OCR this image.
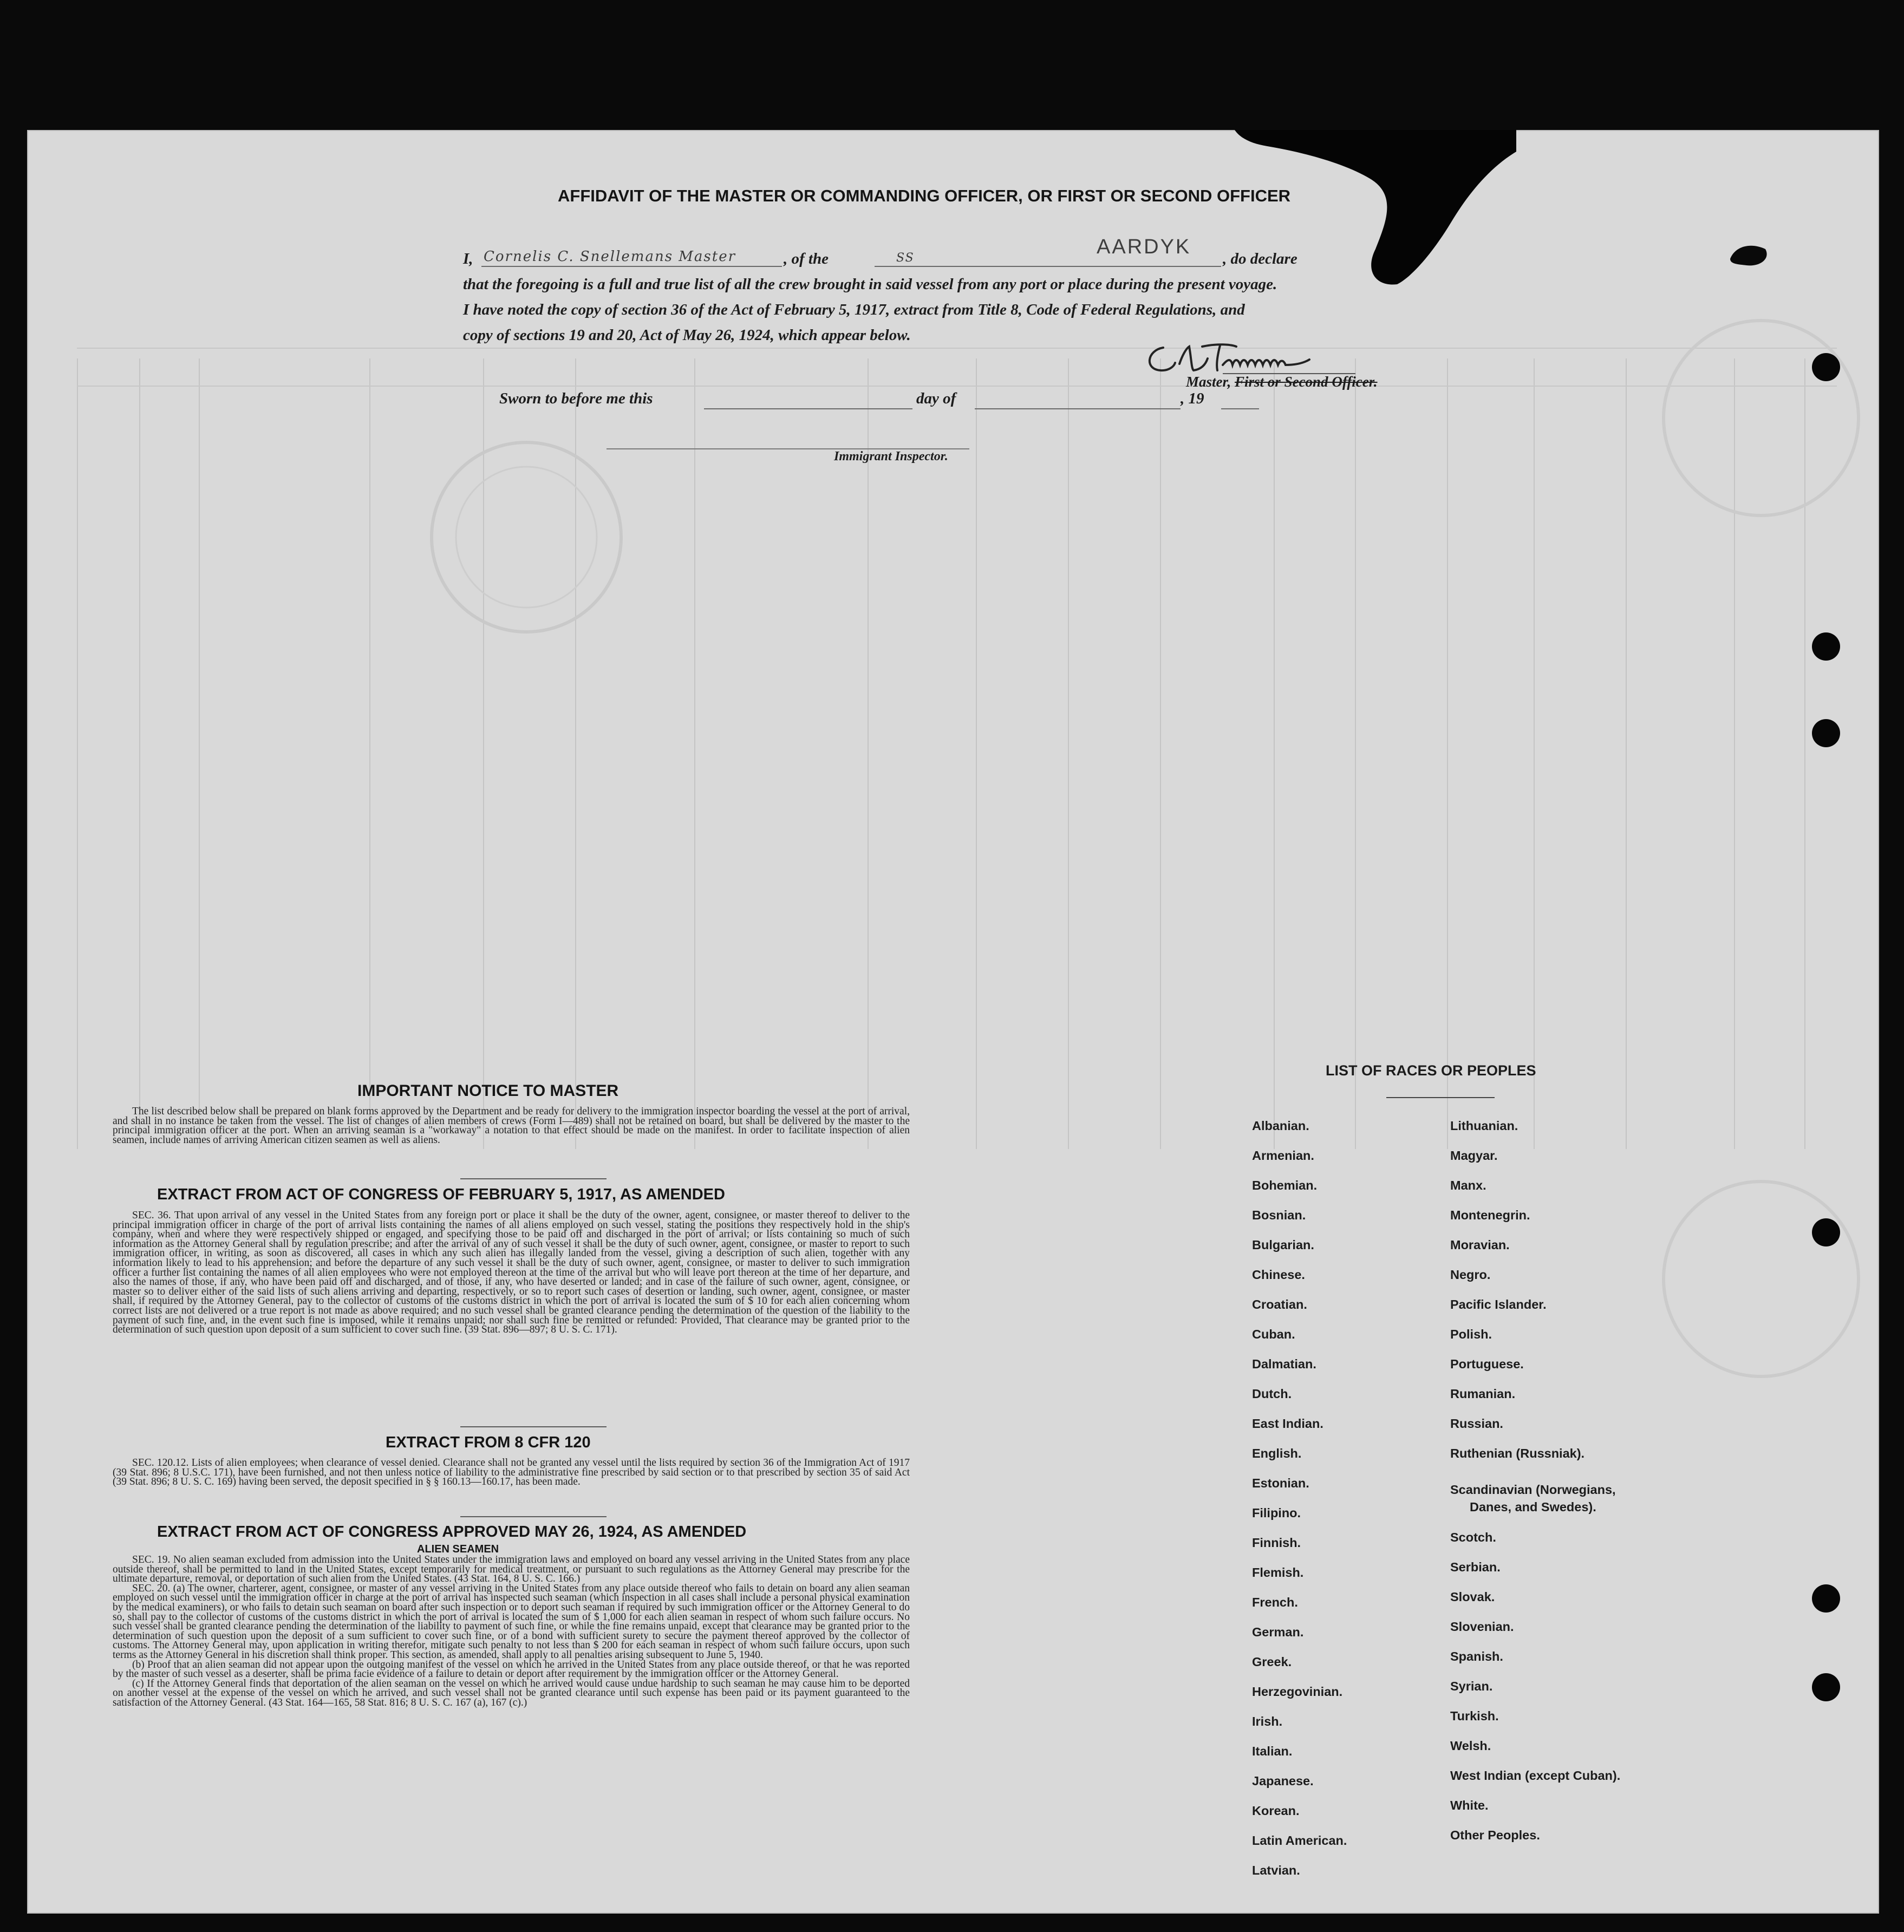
AFFIDAVIT OF THE MASTER OR COMMANDING OFFICER, OR FIRST OR SECOND OFFICER
I, Cornelis C. Snellemans Master	, of the	SS	AARDYK
, do declare
that the foregoing is a full and true list of all the crew brought in said vessel from any port or place during the present voyage.
I have noted the copy of section 36 of the Act of February 5, 1917, extract from Title 8, Code of Federal Regulations, and
copy of sections 19 and 20, Act of May 26, 1924, which appear below.
Master, First or Second Officer.
Sworn to before me this	day of	, 19
Immigrant Inspector.
IMPORTANT NOTICE TO MASTER

The list described below shall be prepared on blank forms approved by the Department and be ready for delivery to the immigration inspector boarding the vessel at the port of arrival, and shall in no instance be taken from the vessel. The list of changes of alien members of crews (Form I—489) shall not be retained on board, but shall be delivered by the master to the principal immigration officer at the port. When an arriving seaman is a "workaway" a notation to that effect should be made on the manifest. In order to facilitate inspection of alien seamen, include names of arriving American citizen seamen as well as aliens.

EXTRACT FROM ACT OF CONGRESS OF FEBRUARY 5, 1917, AS AMENDED

SEC. 36. That upon arrival of any vessel in the United States from any foreign port or place it shall be the duty of the owner, agent, consignee, or master thereof to deliver to the principal immigration officer in charge of the port of arrival lists containing the names of all aliens employed on such vessel, stating the positions they respectively hold in the ship's company, when and where they were respectively shipped or engaged, and specifying those to be paid off and discharged in the port of arrival; or lists containing so much of such information as the Attorney General shall by regulation prescribe; and after the arrival of any of such vessel it shall be the duty of such owner, agent, consignee, or master to report to such immigration officer, in writing, as soon as discovered, all cases in which any such alien has illegally landed from the vessel, giving a description of such alien, together with any information likely to lead to his apprehension; and before the departure of any such vessel it shall be the duty of such owner, agent, consignee, or master to deliver to such immigration officer a further list containing the names of all alien employees who were not employed thereon at the time of the arrival but who will leave port thereon at the time of her departure, and also the names of those, if any, who have been paid off and discharged, and of those, if any, who have deserted or landed; and in case of the failure of such owner, agent, consignee, or master so to deliver either of the said lists of such aliens arriving and departing, respectively, or so to report such cases of desertion or landing, such owner, agent, consignee, or master shall, if required by the Attorney General, pay to the collector of customs of the customs district in which the port of arrival is located the sum of $ 10 for each alien concerning whom correct lists are not delivered or a true report is not made as above required; and no such vessel shall be granted clearance pending the determination of the question of the liability to the payment of such fine, and, in the event such fine is imposed, while it remains unpaid; nor shall such fine be remitted or refunded: Provided, That clearance may be granted prior to the determination of such question upon deposit of a sum sufficient to cover such fine. (39 Stat. 896—897; 8 U. S. C. 171).

EXTRACT FROM 8 CFR 120

SEC. 120.12. Lists of alien employees; when clearance of vessel denied. Clearance shall not be granted any vessel until the lists required by section 36 of the Immigration Act of 1917 (39 Stat. 896; 8 U.S.C. 171), have been furnished, and not then unless notice of liability to the administrative fine prescribed by said section or to that prescribed by section 35 of said Act (39 Stat. 896; 8 U. S. C. 169) having been served, the deposit specified in § § 160.13—160.17, has been made.

EXTRACT FROM ACT OF CONGRESS APPROVED MAY 26, 1924, AS AMENDED
ALIEN SEAMEN

SEC. 19. No alien seaman excluded from admission into the United States under the immigration laws and employed on board any vessel arriving in the United States from any place outside thereof, shall be permitted to land in the United States, except temporarily for medical treatment, or pursuant to such regulations as the Attorney General may prescribe for the ultimate departure, removal, or deportation of such alien from the United States. (43 Stat. 164, 8 U. S. C. 166.)

SEC. 20. (a) The owner, charterer, agent, consignee, or master of any vessel arriving in the United States from any place outside thereof who fails to detain on board any alien seaman employed on such vessel until the immigration officer in charge at the port of arrival has inspected such seaman (which inspection in all cases shall include a personal physical examination by the medical examiners), or who fails to detain such seaman on board after such inspection or to deport such seaman if required by such immigration officer or the Attorney General to do so, shall pay to the collector of customs of the customs district in which the port of arrival is located the sum of $ 1,000 for each alien seaman in respect of whom such failure occurs. No such vessel shall be granted clearance pending the determination of the liability to payment of such fine, or while the fine remains unpaid, except that clearance may be granted prior to the determination of such question upon the deposit of a sum sufficient to cover such fine, or of a bond with sufficient surety to secure the payment thereof approved by the collector of customs. The Attorney General may, upon application in writing therefor, mitigate such penalty to not less than $ 200 for each seaman in respect of whom such failure occurs, upon such terms as the Attorney General in his discretion shall think proper. This section, as amended, shall apply to all penalties arising subsequent to June 5, 1940.

(b) Proof that an alien seaman did not appear upon the outgoing manifest of the vessel on which he arrived in the United States from any place outside thereof, or that he was reported by the master of such vessel as a deserter, shall be prima facie evidence of a failure to detain or deport after requirement by the immigration officer or the Attorney General.

(c) If the Attorney General finds that deportation of the alien seaman on the vessel on which he arrived would cause undue hardship to such seaman he may cause him to be deported on another vessel at the expense of the vessel on which he arrived, and such vessel shall not be granted clearance until such expense has been paid or its payment guaranteed to the satisfaction of the Attorney General. (43 Stat. 164—165, 58 Stat. 816; 8 U. S. C. 167 (a), 167 (c).)

LIST OF RACES OR PEOPLES
Albanian.
Armenian.
Bohemian.
Bosnian.
Bulgarian.
Chinese.
Croatian.
Cuban.
Dalmatian.
Dutch.
East Indian.
English.
Estonian.
Filipino.
Finnish.
Flemish.
French.
German.
Greek.
Herzegovinian.
Irish.
Italian.
Japanese.
Korean.
Latin American.
Latvian.
Lithuanian.
Magyar.
Manx.
Montenegrin.
Moravian.
Negro.
Pacific Islander.
Polish.
Portuguese.
Rumanian.
Russian.
Ruthenian (Russniak).
Scandinavian (Norwegians,
Danes, and Swedes).
Scotch.
Serbian.
Slovak.
Slovenian.
Spanish.
Syrian.
Turkish.
Welsh.
West Indian (except Cuban).
White.
Other Peoples.
